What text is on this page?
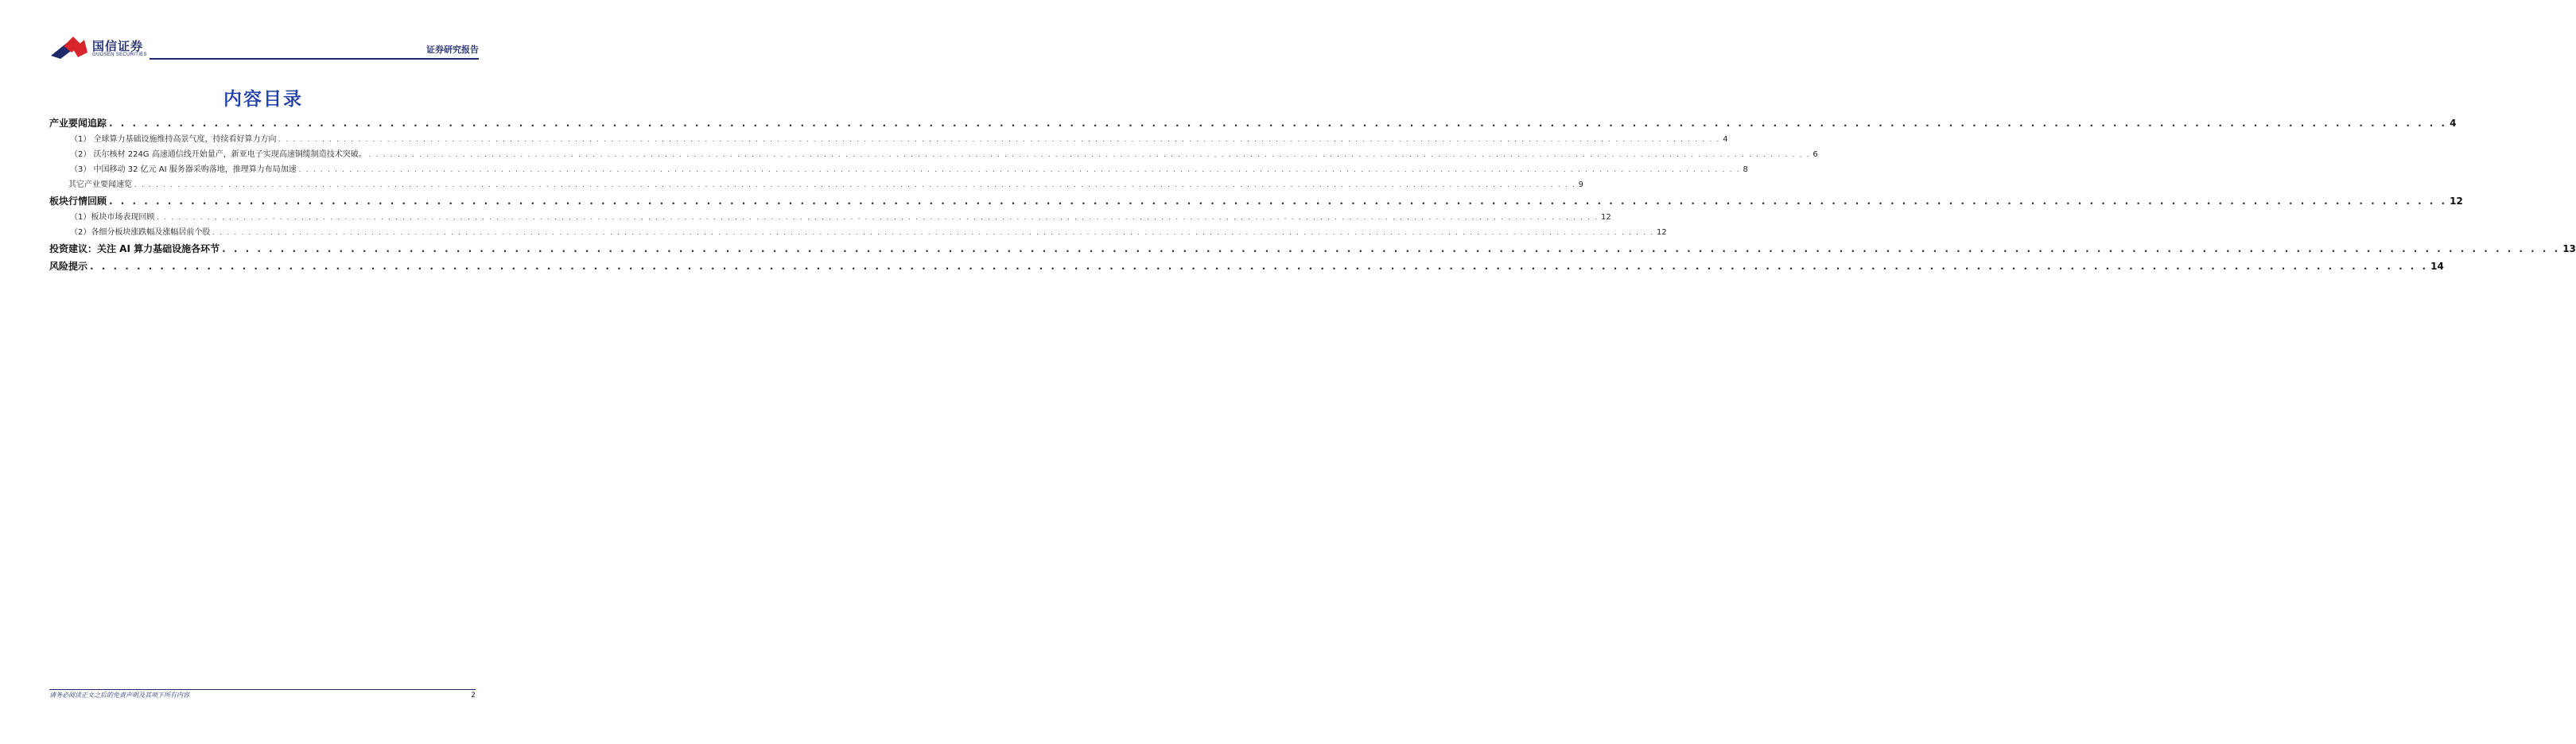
国信证券
GUOSEN SECURITIES	证券研究报告
内容目录
产业要闻追踪 . . . . . . . . . . . . . . . . . . . . . . . . . . . . . . . . . . . . . . . . . . . . . . . . . . . . . . . . . . . . . . . . . . . . . . . . . . . . . . . . . . . . . . . . . . . . . . . . . . . . . . . . . . . . . . . . . . . . . . . . . . . . . . . . . . . . . . . . . . . . . . . . . . . . . . . . . . . . . . . . . . . . . . . . . . . . . . . . . . . . . . . . . . . . . . . . . . . . . . . . 4
（1） 全球算力基础设施维持高景气度，持续看好算力方向 . . . . . . . . . . . . . . . . . . . . . . . . . . . . . . . . . . . . . . . . . . . . . . . . . . . . . . . . . . . . . . . . . . . . . . . . . . . . . . . . . . . . . . . . . . . . . . . . . . . . . . . . . . . . . . . . . . . . . . . . . . . . . . . . . . . . . . . . . . . . . . . . . . . . . . . . . . . . . . . . . . . . . . . . . . . . . . . . . . . . . . . . . . . . . . . . . . . . . . . . 4
（2） 沃尔核材 224G 高速通信线开始量产，新亚电子实现高速铜缆制造技术突破。 . . . . . . . . . . . . . . . . . . . . . . . . . . . . . . . . . . . . . . . . . . . . . . . . . . . . . . . . . . . . . . . . . . . . . . . . . . . . . . . . . . . . . . . . . . . . . . . . . . . . . . . . . . . . . . . . . . . . . . . . . . . . . . . . . . . . . . . . . . . . . . . . . . . . . . . . . . . . . . . . . . . . . . . . . . . . . . . . . . . . . . . . . . . . . . . . . . . . . . . . 6
（3） 中国移动 32 亿元 AI 服务器采购落地，推理算力布局加速 . . . . . . . . . . . . . . . . . . . . . . . . . . . . . . . . . . . . . . . . . . . . . . . . . . . . . . . . . . . . . . . . . . . . . . . . . . . . . . . . . . . . . . . . . . . . . . . . . . . . . . . . . . . . . . . . . . . . . . . . . . . . . . . . . . . . . . . . . . . . . . . . . . . . . . . . . . . . . . . . . . . . . . . . . . . . . . . . . . . . . . . . . . . . . . . . . . . . . . . . 8
其它产业要闻速览 . . . . . . . . . . . . . . . . . . . . . . . . . . . . . . . . . . . . . . . . . . . . . . . . . . . . . . . . . . . . . . . . . . . . . . . . . . . . . . . . . . . . . . . . . . . . . . . . . . . . . . . . . . . . . . . . . . . . . . . . . . . . . . . . . . . . . . . . . . . . . . . . . . . . . . . . . . . . . . . . . . . . . . . . . . . . . . . . . . . . . . . . . . . . . . . . . . . . . . . . 9
板块行情回顾 . . . . . . . . . . . . . . . . . . . . . . . . . . . . . . . . . . . . . . . . . . . . . . . . . . . . . . . . . . . . . . . . . . . . . . . . . . . . . . . . . . . . . . . . . . . . . . . . . . . . . . . . . . . . . . . . . . . . . . . . . . . . . . . . . . . . . . . . . . . . . . . . . . . . . . . . . . . . . . . . . . . . . . . . . . . . . . . . . . . . . . . . . . . . . . . . . . . . . . . . 12
（1）板块市场表现回顾 . . . . . . . . . . . . . . . . . . . . . . . . . . . . . . . . . . . . . . . . . . . . . . . . . . . . . . . . . . . . . . . . . . . . . . . . . . . . . . . . . . . . . . . . . . . . . . . . . . . . . . . . . . . . . . . . . . . . . . . . . . . . . . . . . . . . . . . . . . . . . . . . . . . . . . . . . . . . . . . . . . . . . . . . . . . . . . . . . . . . . . . . . . . . . . . . . . . . . . . . 12
（2）各细分板块涨跌幅及涨幅居前个股 . . . . . . . . . . . . . . . . . . . . . . . . . . . . . . . . . . . . . . . . . . . . . . . . . . . . . . . . . . . . . . . . . . . . . . . . . . . . . . . . . . . . . . . . . . . . . . . . . . . . . . . . . . . . . . . . . . . . . . . . . . . . . . . . . . . . . . . . . . . . . . . . . . . . . . . . . . . . . . . . . . . . . . . . . . . . . . . . . . . . . . . . . . . . . . . . . . . . . . . . 12
投资建议：关注 AI 算力基础设施各环节 . . . . . . . . . . . . . . . . . . . . . . . . . . . . . . . . . . . . . . . . . . . . . . . . . . . . . . . . . . . . . . . . . . . . . . . . . . . . . . . . . . . . . . . . . . . . . . . . . . . . . . . . . . . . . . . . . . . . . . . . . . . . . . . . . . . . . . . . . . . . . . . . . . . . . . . . . . . . . . . . . . . . . . . . . . . . . . . . . . . . . . . . . . . . . . . . . . . . . . . . 13
风险提示 . . . . . . . . . . . . . . . . . . . . . . . . . . . . . . . . . . . . . . . . . . . . . . . . . . . . . . . . . . . . . . . . . . . . . . . . . . . . . . . . . . . . . . . . . . . . . . . . . . . . . . . . . . . . . . . . . . . . . . . . . . . . . . . . . . . . . . . . . . . . . . . . . . . . . . . . . . . . . . . . . . . . . . . . . . . . . . . . . . . . . . . . . . . . . . . . . . . . . . . . 14
请务必阅读正文之后的免责声明及其项下所有内容	2
